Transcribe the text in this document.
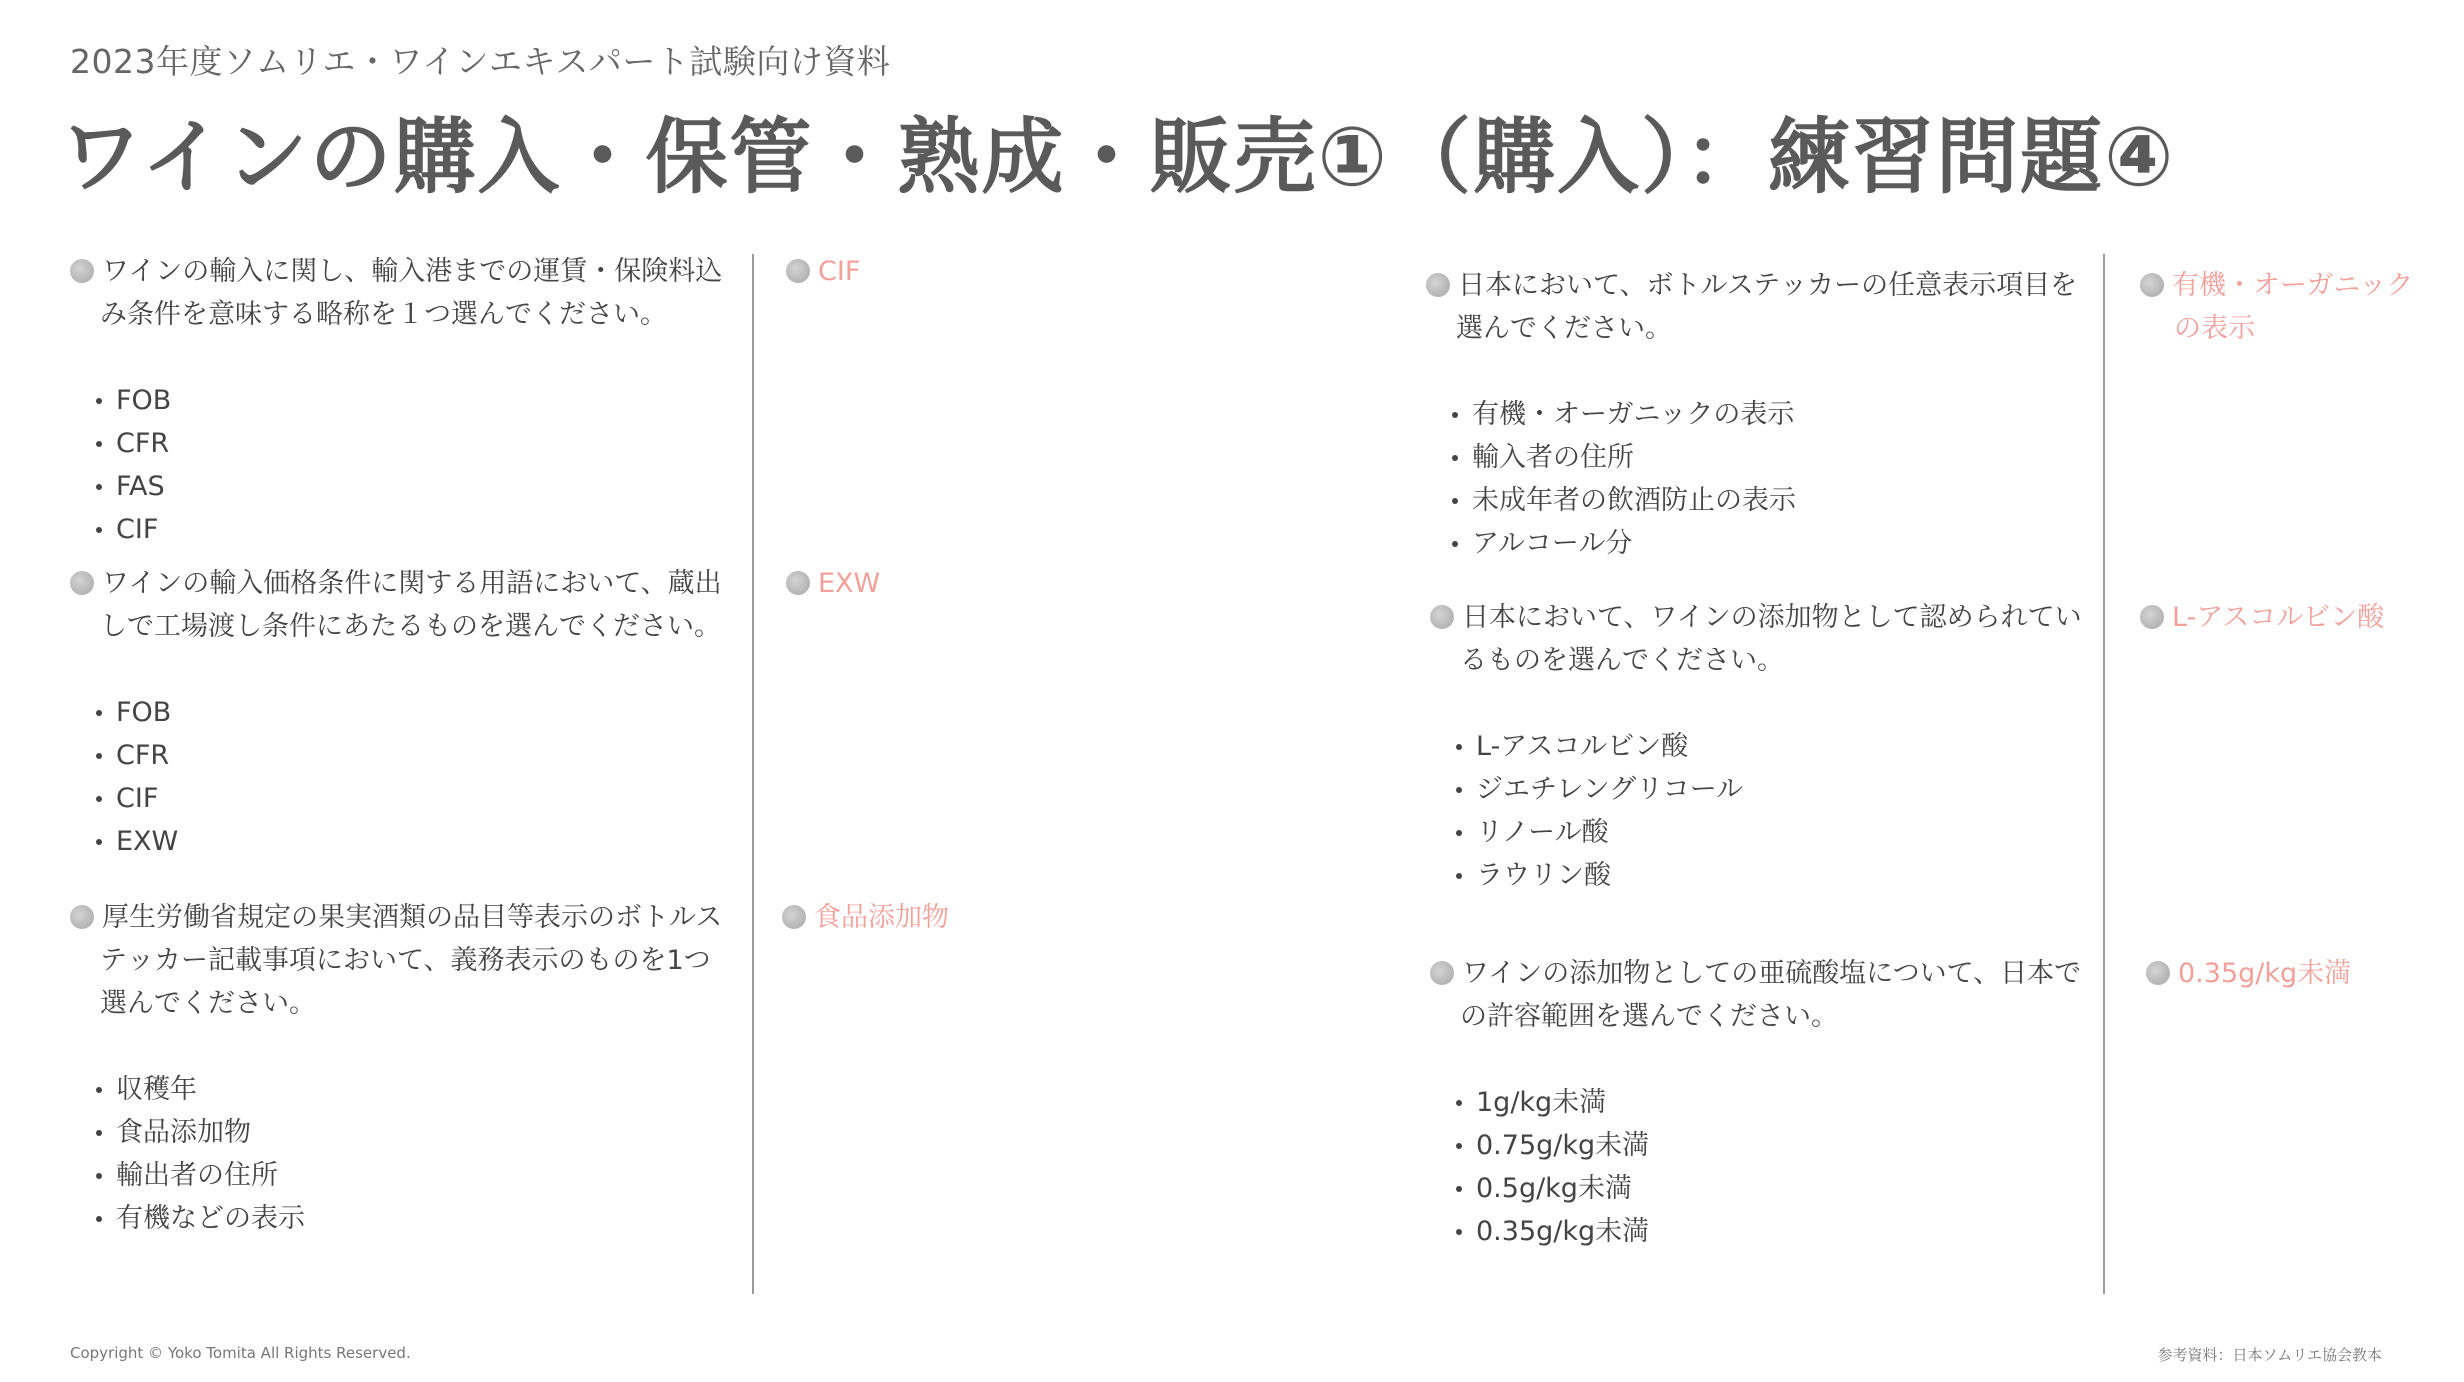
2023年度ソムリエ・ワインエキスパート試験向け資料
ワインの購入・保管・熟成・販売①（購入）：練習問題④
ワインの輸入に関し、輸入港までの運賃・保険料込み条件を意味する略称を１つ選んでください。
FOB
CFR
FAS
CIF
CIF
ワインの輸入価格条件に関する用語において、蔵出しで工場渡し条件にあたるものを選んでください。
FOB
CFR
CIF
EXW
EXW
厚生労働省規定の果実酒類の品目等表示のボトルステッカー記載事項において、義務表示のものを1つ選んでください。
収穫年
食品添加物
輸出者の住所
有機などの表示
食品添加物
日本において、ボトルステッカーの任意表示項目を選んでください。
有機・オーガニックの表示
輸入者の住所
未成年者の飲酒防止の表示
アルコール分
有機・オーガニックの表示
日本において、ワインの添加物として認められているものを選んでください。
L-アスコルビン酸
ジエチレングリコール
リノール酸
ラウリン酸
L-アスコルビン酸
ワインの添加物としての亜硫酸塩について、日本での許容範囲を選んでください。
1g/kg未満
0.75g/kg未満
0.5g/kg未満
0.35g/kg未満
0.35g/kg未満
Copyright © Yoko Tomita All Rights Reserved.	参考資料：日本ソムリエ協会教本
